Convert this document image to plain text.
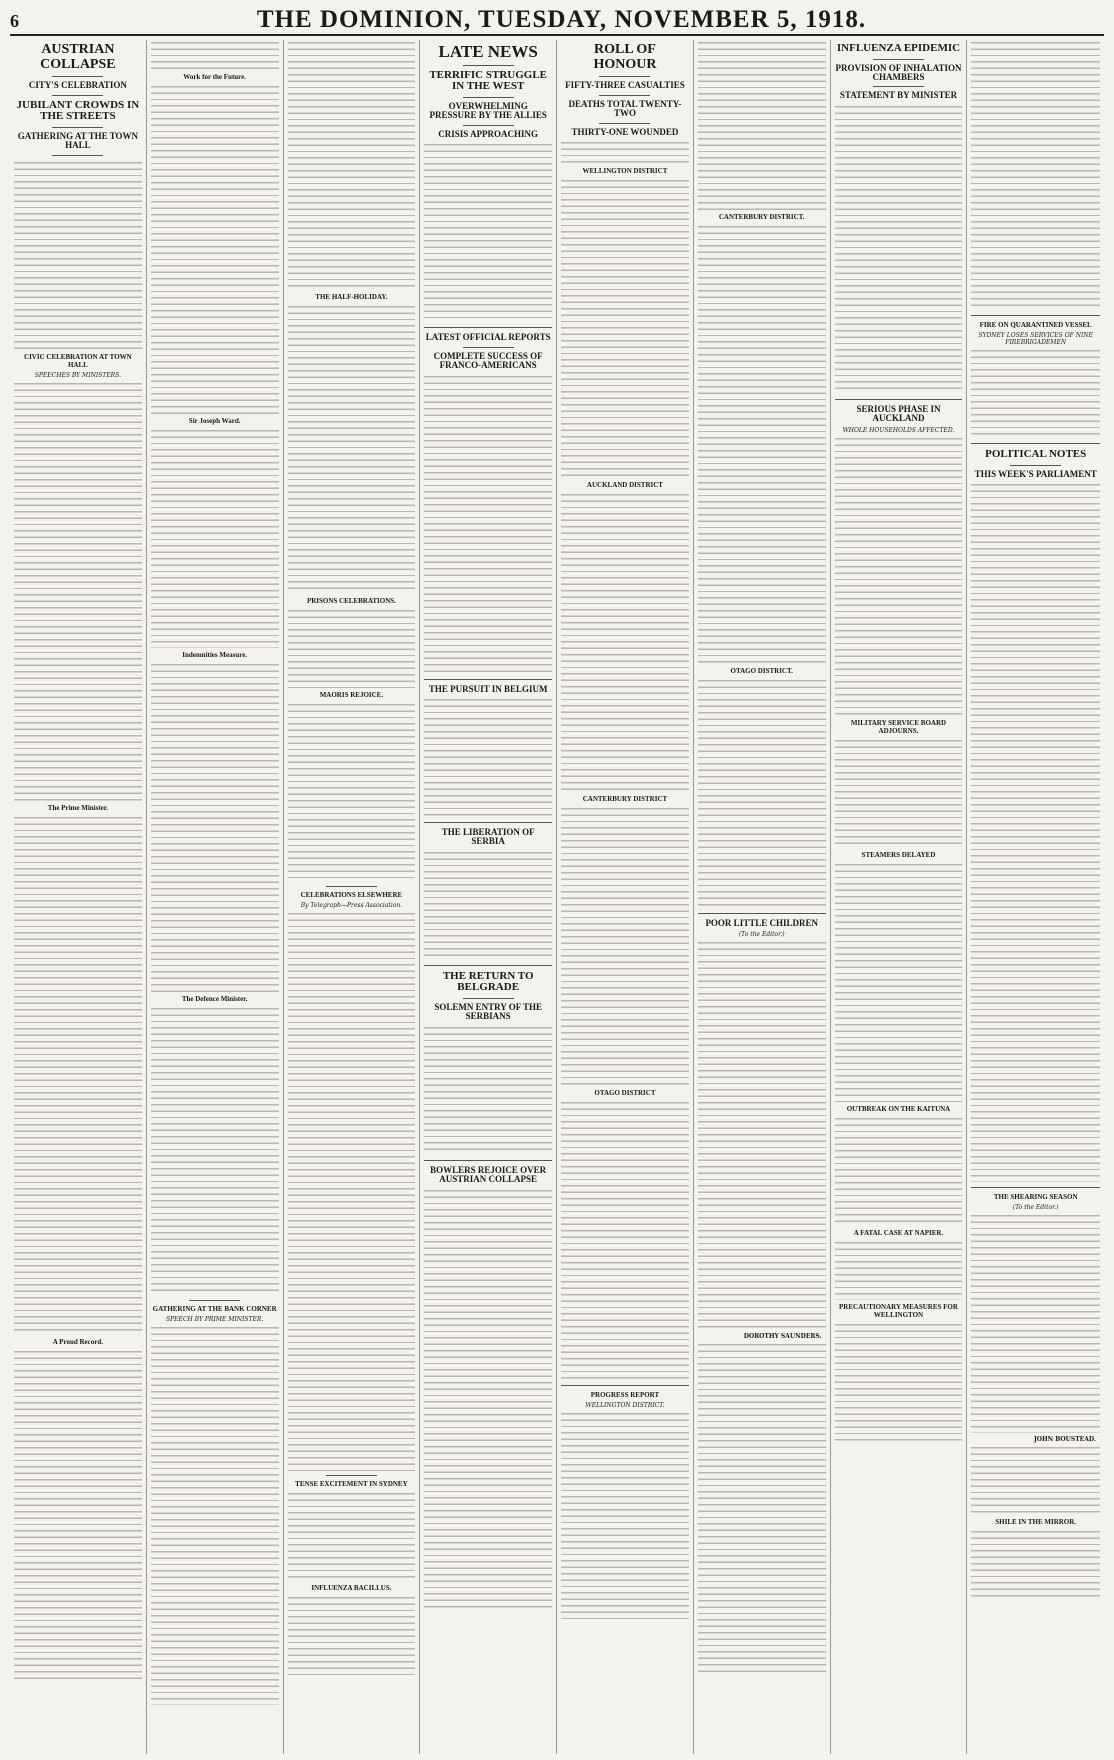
6	THE DOMINION, TUESDAY, NOVEMBER 5, 1918.
AUSTRIAN COLLAPSE
CITY'S CELEBRATION
JUBILANT CROWDS IN THE STREETS
GATHERING AT THE TOWN HALL
CIVIC CELEBRATION AT TOWN HALL
SPEECHES BY MINISTERS.
The Prime Minister.
A Proud Record.
Work for the Future.
Sir Joseph Ward.
Indemnities Measure.
The Defence Minister.
GATHERING AT THE BANK CORNER
SPEECH BY PRIME MINISTER.
THE HALF-HOLIDAY.
PRISONS CELEBRATIONS.
MAORIS REJOICE.
CELEBRATIONS ELSEWHERE
By Telegraph—Press Association.
TENSE EXCITEMENT IN SYDNEY
INFLUENZA BACILLUS.
LATE NEWS
TERRIFIC STRUGGLE IN THE WEST
OVERWHELMING PRESSURE BY THE ALLIES
CRISIS APPROACHING
LATEST OFFICIAL REPORTS
COMPLETE SUCCESS OF FRANCO-AMERICANS
THE PURSUIT IN BELGIUM
THE LIBERATION OF SERBIA
THE RETURN TO BELGRADE
SOLEMN ENTRY OF THE SERBIANS
BOWLERS REJOICE OVER AUSTRIAN COLLAPSE
ROLL OF HONOUR
FIFTY-THREE CASUALTIES
DEATHS TOTAL TWENTY-TWO
THIRTY-ONE WOUNDED
WELLINGTON DISTRICT
AUCKLAND DISTRICT
CANTERBURY DISTRICT
OTAGO DISTRICT
PROGRESS REPORT
WELLINGTON DISTRICT.
CANTERBURY DISTRICT.
OTAGO DISTRICT.
POOR LITTLE CHILDREN
(To the Editor.)
DOROTHY SAUNDERS.
INFLUENZA EPIDEMIC
PROVISION OF INHALATION CHAMBERS
STATEMENT BY MINISTER
SERIOUS PHASE IN AUCKLAND
WHOLE HOUSEHOLDS AFFECTED.
MILITARY SERVICE BOARD ADJOURNS.
STEAMERS DELAYED
OUTBREAK ON THE KAITUNA
A FATAL CASE AT NAPIER.
PRECAUTIONARY MEASURES FOR WELLINGTON
FIRE ON QUARANTINED VESSEL
SYDNEY LOSES SERVICES OF NINE FIREBRIGADEMEN
POLITICAL NOTES
THIS WEEK'S PARLIAMENT
THE SHEARING SEASON
(To the Editor.)
JOHN BOUSTEAD.
SHILE IN THE MIRROR.
